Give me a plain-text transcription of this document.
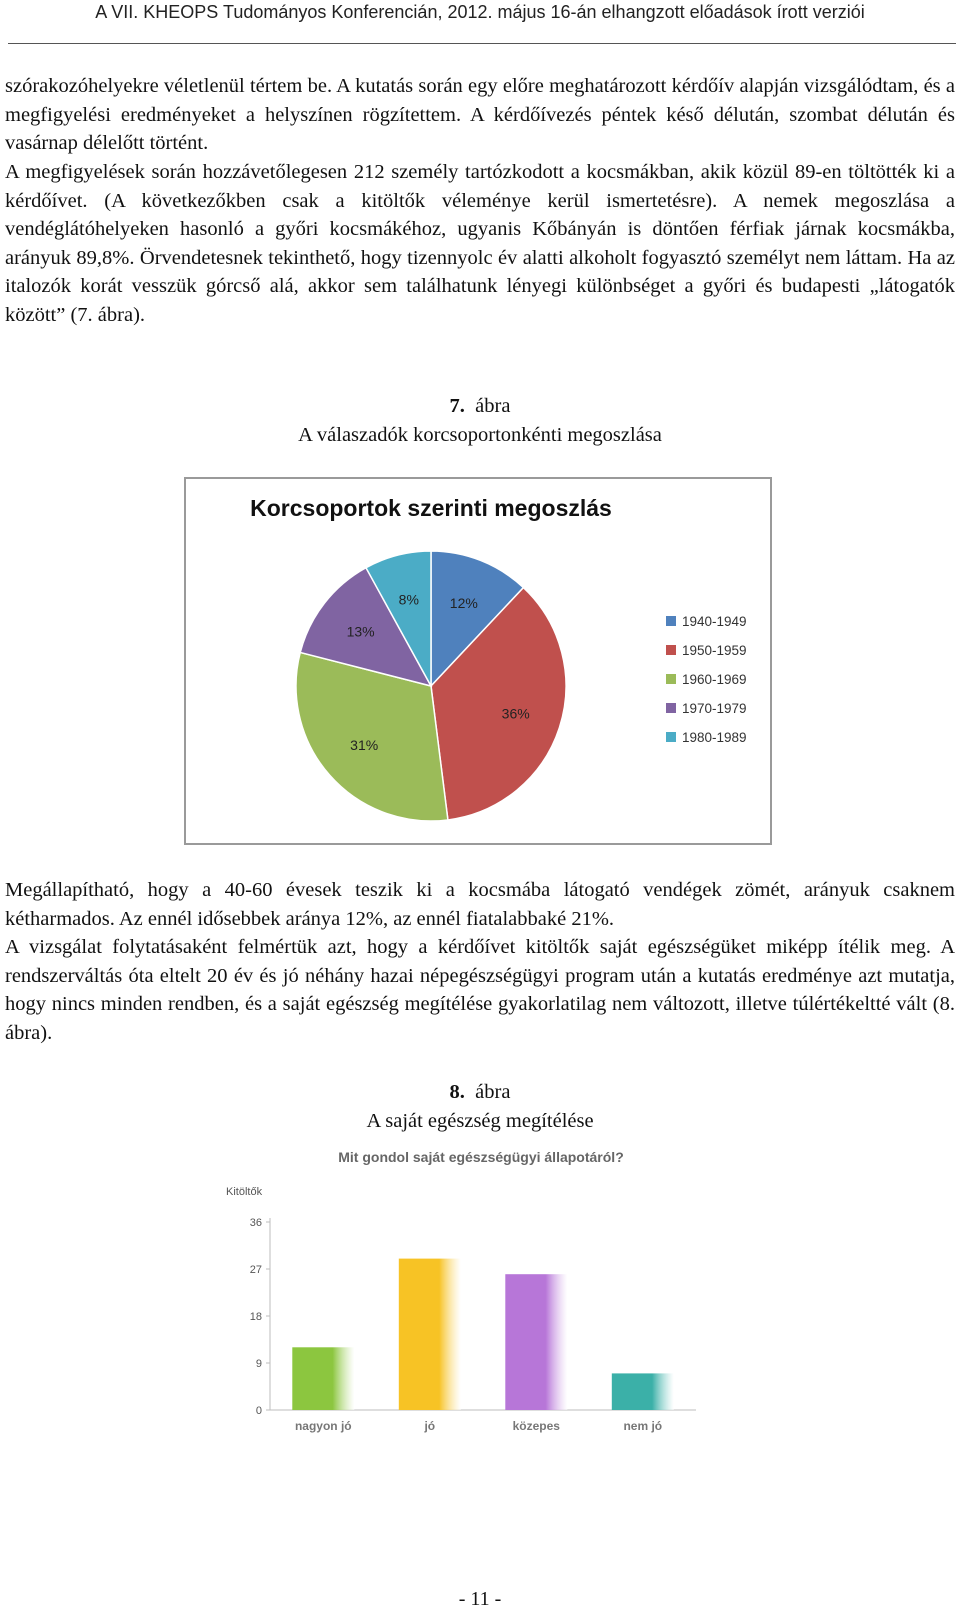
A VII. KHEOPS Tudományos Konferencián, 2012. május 16-án elhangzott előadások írott verziói

szórakozóhelyekre véletlenül tértem be. A kutatás során egy előre meghatározott kérdőív alapján vizsgálódtam, és a megfigyelési eredményeket a helyszínen rögzítettem. A kérdőívezés péntek késő délután, szombat délután és vasárnap délelőtt történt.

A megfigyelések során hozzávetőlegesen 212 személy tartózkodott a kocsmákban, akik közül 89-en töltötték ki a kérdőívet. (A következőkben csak a kitöltők véleménye kerül ismertetésre). A nemek megoszlása a vendéglátóhelyeken hasonló a győri kocsmákéhoz, ugyanis Kőbányán is döntően férfiak járnak kocsmákba, arányuk 89,8%. Örvendetesnek tekinthető, hogy tizennyolc év alatti alkoholt fogyasztó személyt nem láttam. Ha az italozók korát vesszük górcső alá, akkor sem találhatunk lényegi különbséget a győri és budapesti „látogatók között” (7. ábra).

7. ábra
A válaszadók korcsoportonkénti megoszlása
Korcsoportok szerinti megoszlás
12%
36%
31%
13%
8%
1940-1949
1950-1959
1960-1969
1970-1979
1980-1989

Megállapítható, hogy a 40-60 évesek teszik ki a kocsmába látogató vendégek zömét, arányuk csaknem kétharmados. Az ennél idősebbek aránya 12%, az ennél fiatalabbaké 21%.

A vizsgálat folytatásaként felmértük azt, hogy a kérdőívet kitöltők saját egészségüket miképp ítélik meg. A rendszerváltás óta eltelt 20 év és jó néhány hazai népegészségügyi program után a kutatás eredménye azt mutatja, hogy nincs minden rendben, és a saját egészség megítélése gyakorlatilag nem változott, illetve túlértékeltté vált (8. ábra).

8. ábra
A saját egészség megítélése
Mit gondol saját egészségügyi állapotáról?
Kitöltők
0
9
18
27
36
nagyon jó	jó	közepes	nem jó
- 11 -
